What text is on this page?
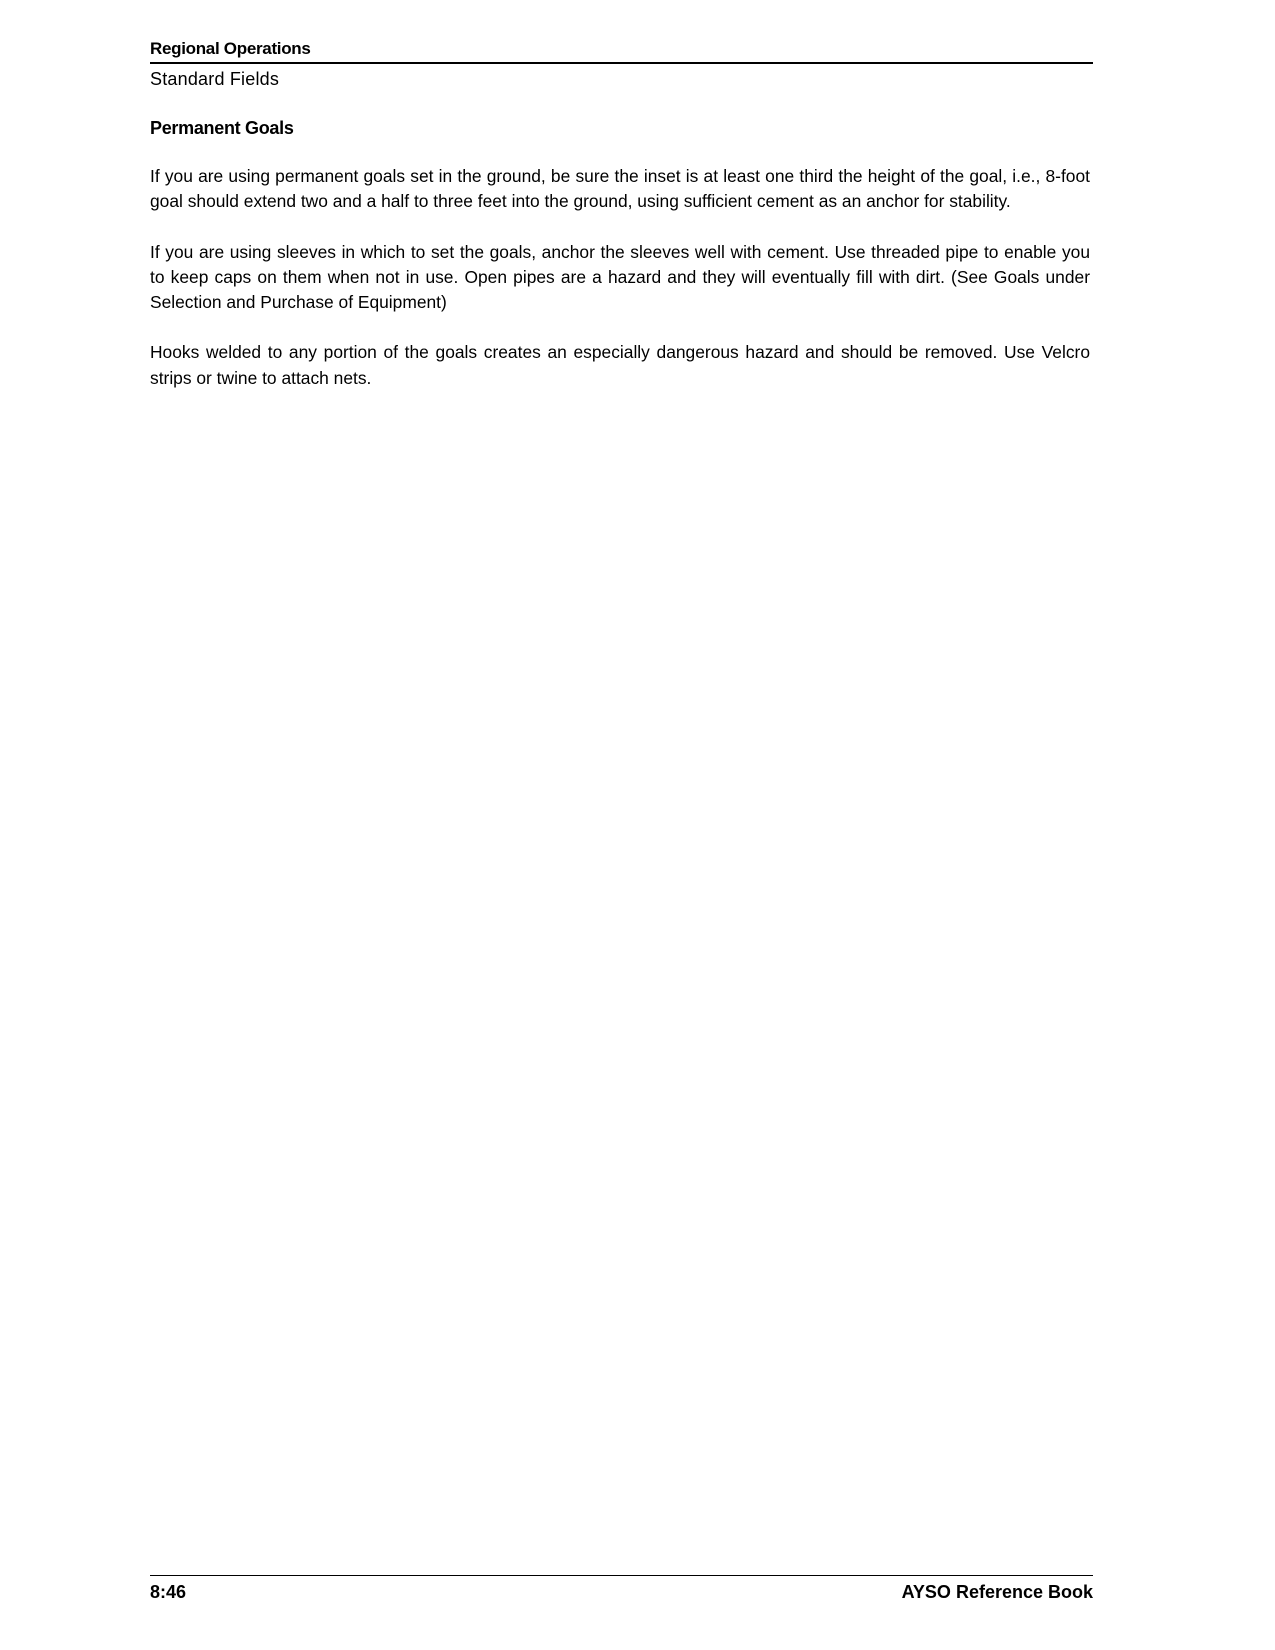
Regional Operations
Standard Fields
Permanent Goals

If you are using permanent goals set in the ground, be sure the inset is at least one third the height of the goal, i.e., 8-foot goal should extend two and a half to three feet into the ground, using sufficient cement as an anchor for stability.

If you are using sleeves in which to set the goals, anchor the sleeves well with cement. Use threaded pipe to enable you to keep caps on them when not in use. Open pipes are a hazard and they will eventually fill with dirt. (See Goals under Selection and Purchase of Equipment)

Hooks welded to any portion of the goals creates an especially dangerous hazard and should be removed. Use Velcro strips or twine to attach nets.

8:46	AYSO Reference Book
